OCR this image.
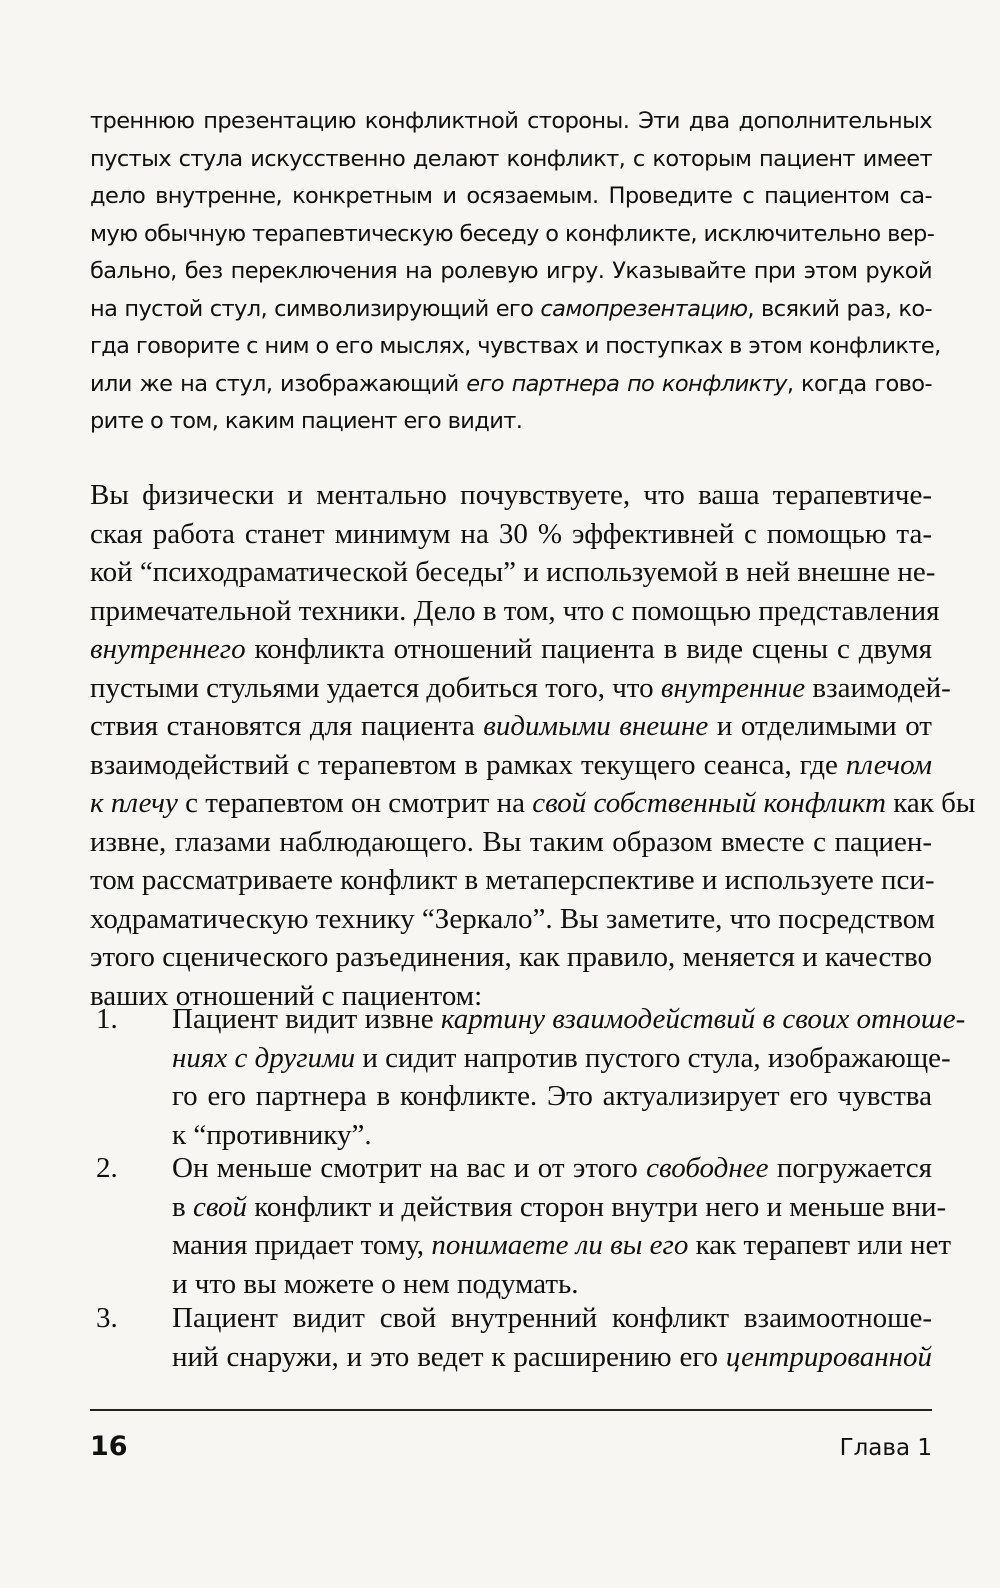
треннюю презентацию конфликтной стороны. Эти два дополнительных
пустых стула искусственно делают конфликт, с которым пациент имеет
дело внутренне, конкретным и осязаемым. Проведите с пациентом са-
мую обычную терапевтическую беседу о конфликте, исключительно вер-
бально, без переключения на ролевую игру. Указывайте при этом рукой
на пустой стул, символизирующий его самопрезентацию, всякий раз, ко-
гда говорите с ним о его мыслях, чувствах и поступках в этом конфликте,
или же на стул, изображающий его партнера по конфликту, когда гово-
рите о том, каким пациент его видит.
Вы физически и ментально почувствуете, что ваша терапевтиче-
ская работа станет минимум на 30 % эффективней с помощью та-
кой “психодраматической беседы” и используемой в ней внешне не-
примечательной техники. Дело в том, что с помощью представления
внутреннего конфликта отношений пациента в виде сцены с двумя
пустыми стульями удается добиться того, что внутренние взаимодей-
ствия становятся для пациента видимыми внешне и отделимыми от
взаимодействий с терапевтом в рамках текущего сеанса, где плечом
к плечу с терапевтом он смотрит на свой собственный конфликт как бы
извне, глазами наблюдающего. Вы таким образом вместе с пациен-
том рассматриваете конфликт в метаперспективе и используете пси-
ходраматическую технику “Зеркало”. Вы заметите, что посредством
этого сценического разъединения, как правило, меняется и качество
ваших отношений с пациентом:
1.	Пациент видит извне картину взаимодействий в своих отноше-
ниях с другими и сидит напротив пустого стула, изображающе-
го его партнера в конфликте. Это актуализирует его чувства
к “противнику”.
2.	Он меньше смотрит на вас и от этого свободнее погружается
в свой конфликт и действия сторон внутри него и меньше вни-
мания придает тому, понимаете ли вы его как терапевт или нет
и что вы можете о нем подумать.
3.	Пациент видит свой внутренний конфликт взаимоотноше-
ний снаружи, и это ведет к расширению его центрированной
16	Глава 1
